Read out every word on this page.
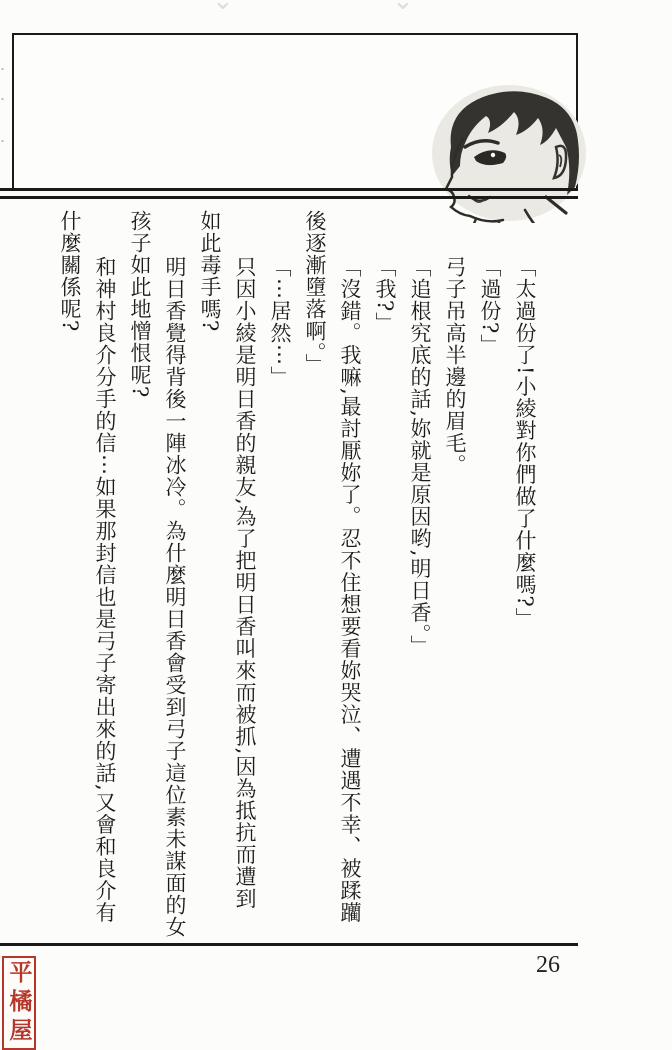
⌄	⌄
「太過份了!小綾對你們做了什麼嗎?」
「過份?」
弓子吊高半邊的眉毛。
「追根究底的話,妳就是原因哟,明日香。」
「我?」
「沒錯。我嘛,最討厭妳了。忍不住想要看妳哭泣、遭遇不幸、被蹂躪
後逐漸墮落啊。」
「⋯居然⋯」
只因小綾是明日香的親友,為了把明日香叫來而被抓,因為抵抗而遭到
如此毒手嗎?
明日香覺得背後一陣冰冷。為什麼明日香會受到弓子這位素未謀面的女
孩子如此地憎恨呢?
和神村良介分手的信⋯如果那封信也是弓子寄出來的話,又會和良介有
什麼關係呢?
26
平橘屋
